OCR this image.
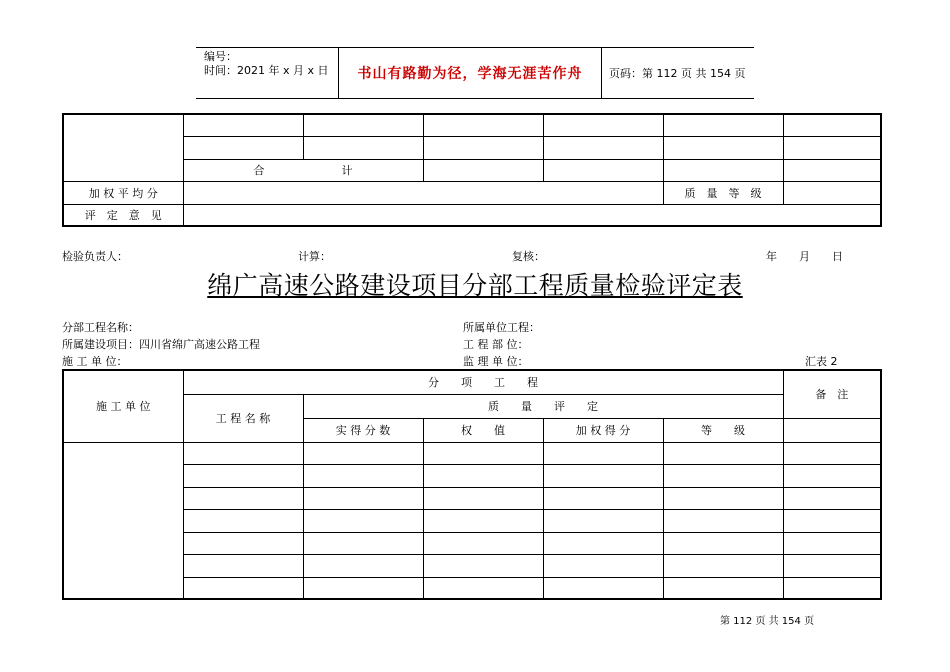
编号：
时间：2021 年 x 月 x 日	书山有路勤为径，学海无涯苦作舟	页码：第 112 页 共 154 页

	合　　　　　　　计					
加 权 平 均 分					质　量　等　级	
评　定　意　见						
检验负责人：	计算：	复核：	年　　月　　日
绵广高速公路建设项目分部工程质量检验评定表
分部工程名称：	所属单位工程：
所属建设项目：四川省绵广高速公路工程	工 程 部 位：
施 工 单 位：	监 理 单 位：	汇表 2
施 工 单 位	分　　项　　工　　程					备　注
	工 程 名 称	质　　量　　评　　定				
		实 得 分 数	权　　值	加 权 得 分	等　　级	

第 112 页 共 154 页
